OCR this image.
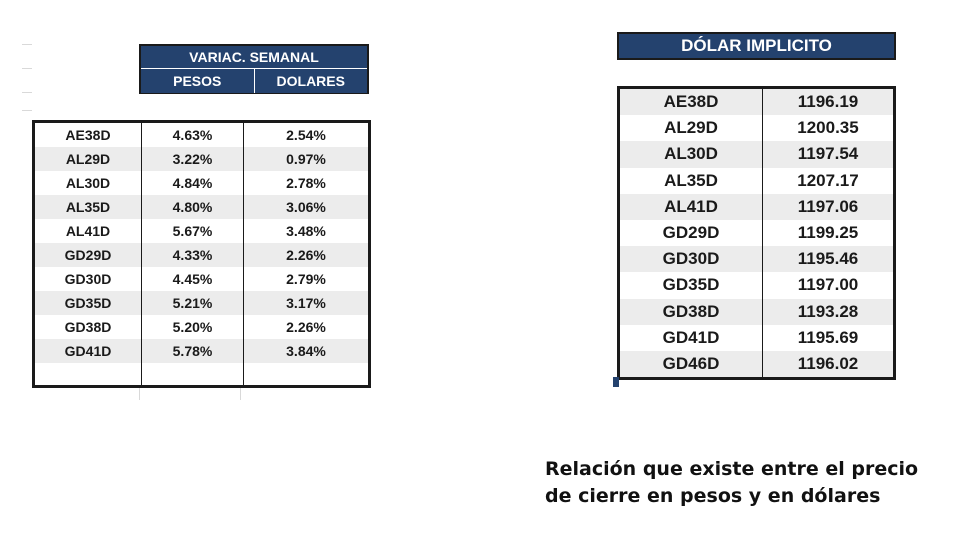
VARIAC. SEMANAL
PESOS	DOLARES
AE38D	4.63%	2.54%
AL29D	3.22%	0.97%
AL30D	4.84%	2.78%
AL35D	4.80%	3.06%
AL41D	5.67%	3.48%
GD29D	4.33%	2.26%
GD30D	4.45%	2.79%
GD35D	5.21%	3.17%
GD38D	5.20%	2.26%
GD41D	5.78%	3.84%
DÓLAR IMPLICITO
AE38D	1196.19
AL29D	1200.35
AL30D	1197.54
AL35D	1207.17
AL41D	1197.06
GD29D	1199.25
GD30D	1195.46
GD35D	1197.00
GD38D	1193.28
GD41D	1195.69
GD46D	1196.02
Relación que existe entre el precio
de cierre en pesos y en dólares
